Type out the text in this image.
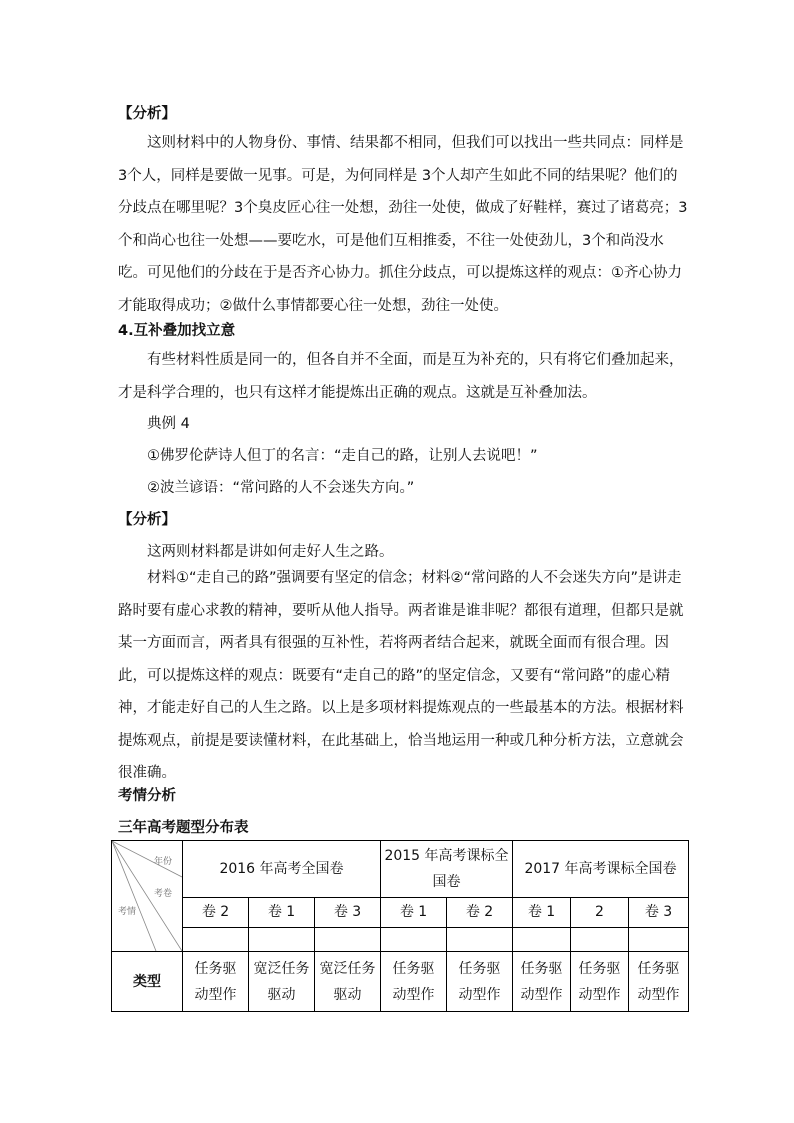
【分析】
这则材料中的人物身份、事情、结果都不相同，但我们可以找出一些共同点：同样是 3个人，同样是要做一见事。可是，为何同样是 3个人却产生如此不同的结果呢？他们的分歧点在哪里呢？3个臭皮匠心往一处想，劲往一处使，做成了好鞋样，赛过了诸葛亮；3个和尚心也往一处想——要吃水，可是他们互相推委，不往一处使劲儿，3个和尚没水吃。可见他们的分歧在于是否齐心协力。抓住分歧点，可以提炼这样的观点：①齐心协力才能取得成功；②做什么事情都要心往一处想，劲往一处使。
4.互补叠加找立意
有些材料性质是同一的，但各自并不全面，而是互为补充的，只有将它们叠加起来，才是科学合理的，也只有这样才能提炼出正确的观点。这就是互补叠加法。
典例 4
①佛罗伦萨诗人但丁的名言：“走自己的路，让别人去说吧！”
②波兰谚语：“常问路的人不会迷失方向。”
【分析】
这两则材料都是讲如何走好人生之路。
材料①“走自己的路”强调要有坚定的信念；材料②“常问路的人不会迷失方向”是讲走路时要有虚心求教的精神，要听从他人指导。两者谁是谁非呢？都很有道理，但都只是就某一方面而言，两者具有很强的互补性，若将两者结合起来，就既全面而有很合理。因此，可以提炼这样的观点：既要有“走自己的路”的坚定信念，又要有“常问路”的虚心精神，才能走好自己的人生之路。以上是多项材料提炼观点的一些最基本的方法。根据材料提炼观点，前提是要读懂材料，在此基础上，恰当地运用一种或几种分析方法，立意就会很准确。
考情分析
三年高考题型分布表
年份
考卷
考情	2016 年高考全国卷			2015 年高考课标全国卷		2017 年高考课标全国卷		
	卷 2	卷 1	卷 3	卷 1	卷 2	卷 1	2	卷 3

类型	任务驱动型作	宽泛任务驱动	宽泛任务驱动	任务驱动型作	任务驱动型作	任务驱动型作	任务驱动型作	任务驱动型作
